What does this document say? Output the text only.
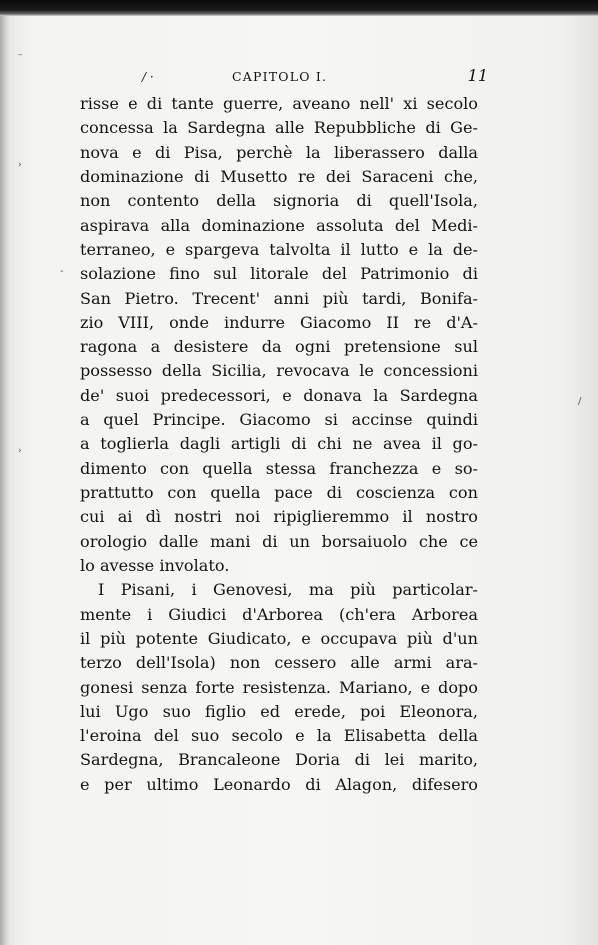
–
›
-
›
/
/ ·	CAPITOLO I.	11
risse e di tante guerre, aveano nell' xi secolo
concessa la Sardegna alle Repubbliche di Ge-
nova e di Pisa, perchè la liberassero dalla
dominazione di Musetto re dei Saraceni che,
non contento della signoria di quell'Isola,
aspirava alla dominazione assoluta del Medi-
terraneo, e spargeva talvolta il lutto e la de-
solazione fino sul litorale del Patrimonio di
San Pietro. Trecent' anni più tardi, Bonifa-
zio VIII, onde indurre Giacomo II re d'A-
ragona a desistere da ogni pretensione sul
possesso della Sicilia, revocava le concessioni
de' suoi predecessori, e donava la Sardegna
a quel Principe. Giacomo si accinse quindi
a toglierla dagli artigli di chi ne avea il go-
dimento con quella stessa franchezza e so-
prattutto con quella pace di coscienza con
cui ai dì nostri noi ripiglieremmo il nostro
orologio dalle mani di un borsaiuolo che ce
lo avesse involato.
I Pisani, i Genovesi, ma più particolar-
mente i Giudici d'Arborea (ch'era Arborea
il più potente Giudicato, e occupava più d'un
terzo dell'Isola) non cessero alle armi ara-
gonesi senza forte resistenza. Mariano, e dopo
lui Ugo suo figlio ed erede, poi Eleonora,
l'eroina del suo secolo e la Elisabetta della
Sardegna, Brancaleone Doria di lei marito,
e per ultimo Leonardo di Alagon, difesero
